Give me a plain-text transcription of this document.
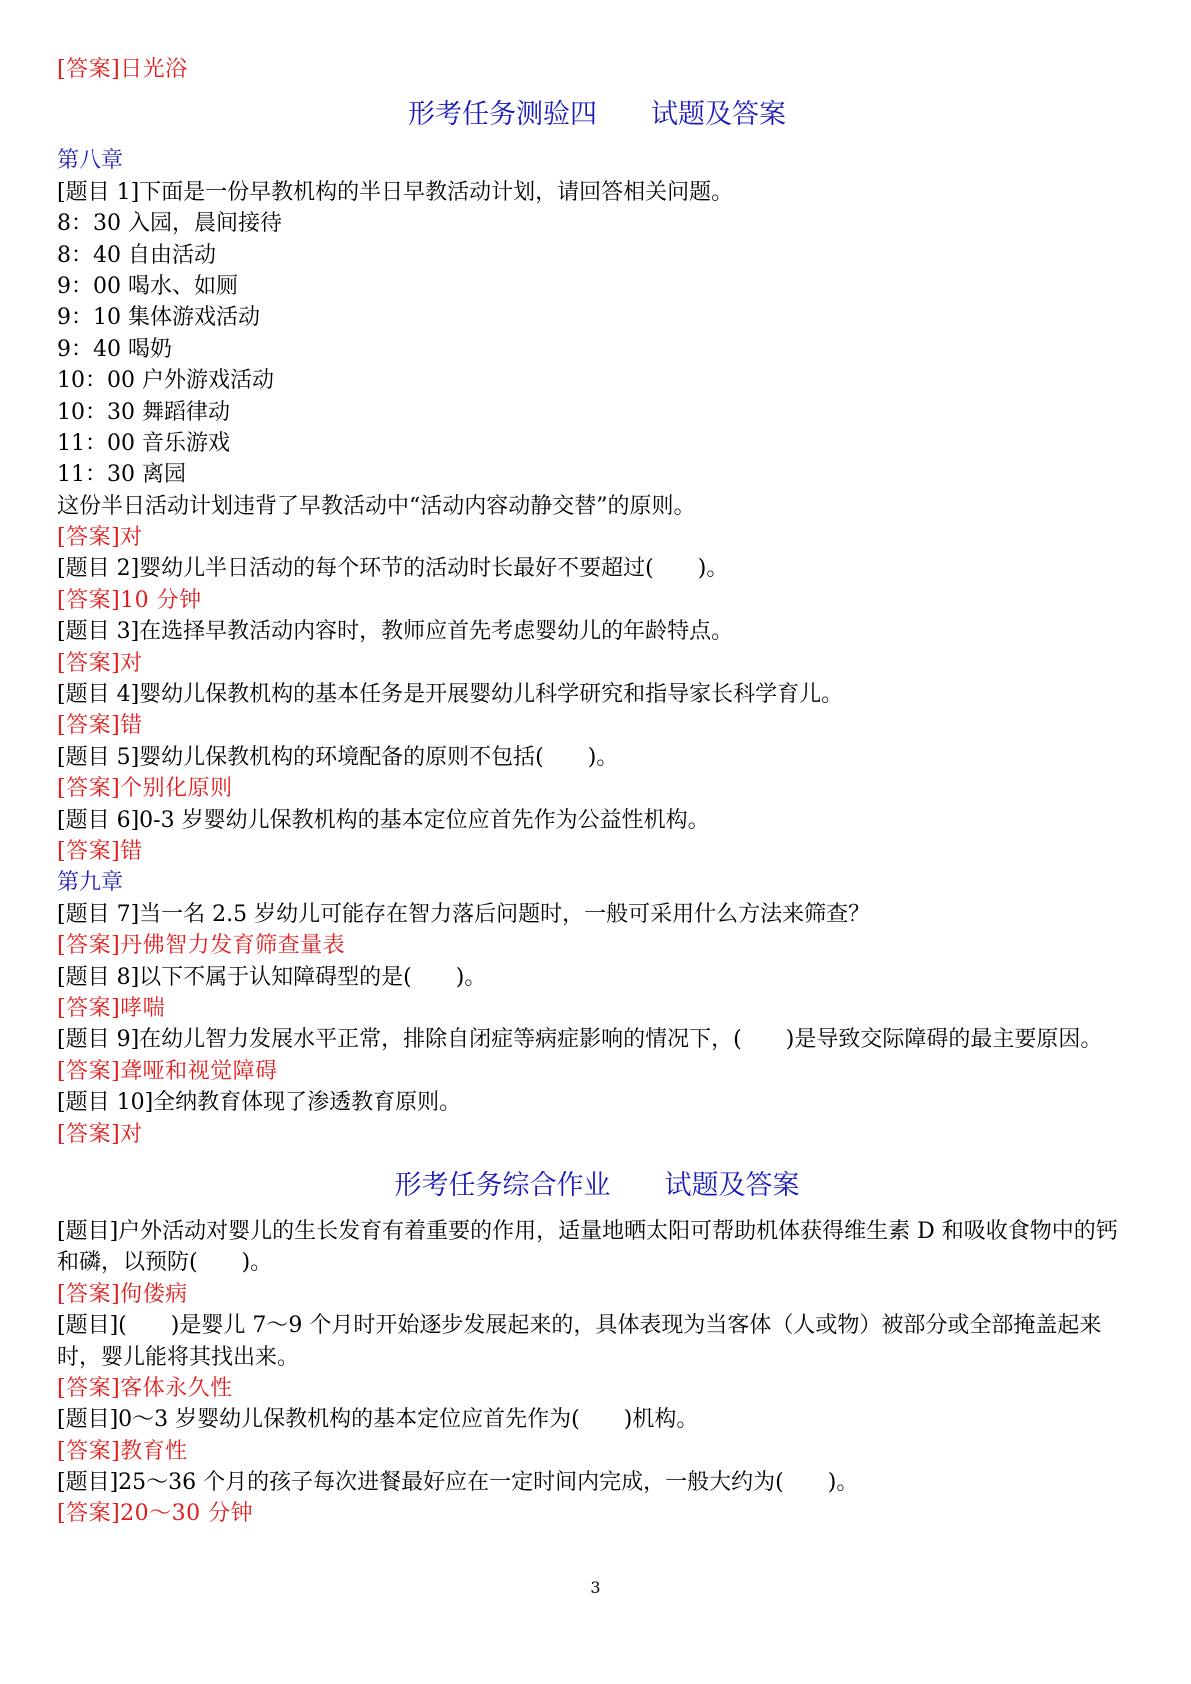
[答案]日光浴
形考任务测验四　　试题及答案
第八章
[题目 1]下面是一份早教机构的半日早教活动计划，请回答相关问题。
8：30 入园，晨间接待
8：40 自由活动
9：00 喝水、如厕
9：10 集体游戏活动
9：40 喝奶
10：00 户外游戏活动
10：30 舞蹈律动
11：00 音乐游戏
11：30 离园
这份半日活动计划违背了早教活动中“活动内容动静交替”的原则。
[答案]对
[题目 2]婴幼儿半日活动的每个环节的活动时长最好不要超过(　　)。
[答案]10 分钟
[题目 3]在选择早教活动内容时，教师应首先考虑婴幼儿的年龄特点。
[答案]对
[题目 4]婴幼儿保教机构的基本任务是开展婴幼儿科学研究和指导家长科学育儿。
[答案]错
[题目 5]婴幼儿保教机构的环境配备的原则不包括(　　)。
[答案]个别化原则
[题目 6]0-3 岁婴幼儿保教机构的基本定位应首先作为公益性机构。
[答案]错
第九章
[题目 7]当一名 2.5 岁幼儿可能存在智力落后问题时，一般可采用什么方法来筛查？
[答案]丹佛智力发育筛查量表
[题目 8]以下不属于认知障碍型的是(　　)。
[答案]哮喘
[题目 9]在幼儿智力发展水平正常，排除自闭症等病症影响的情况下，(　　)是导致交际障碍的最主要原因。
[答案]聋哑和视觉障碍
[题目 10]全纳教育体现了渗透教育原则。
[答案]对
形考任务综合作业　　试题及答案
[题目]户外活动对婴儿的生长发育有着重要的作用，适量地晒太阳可帮助机体获得维生素 D 和吸收食物中的钙和磷，以预防(　　)。
[答案]佝偻病
[题目](　　)是婴儿 7～9 个月时开始逐步发展起来的，具体表现为当客体（人或物）被部分或全部掩盖起来时，婴儿能将其找出来。
[答案]客体永久性
[题目]0～3 岁婴幼儿保教机构的基本定位应首先作为(　　)机构。
[答案]教育性
[题目]25～36 个月的孩子每次进餐最好应在一定时间内完成，一般大约为(　　)。
[答案]20～30 分钟
3
